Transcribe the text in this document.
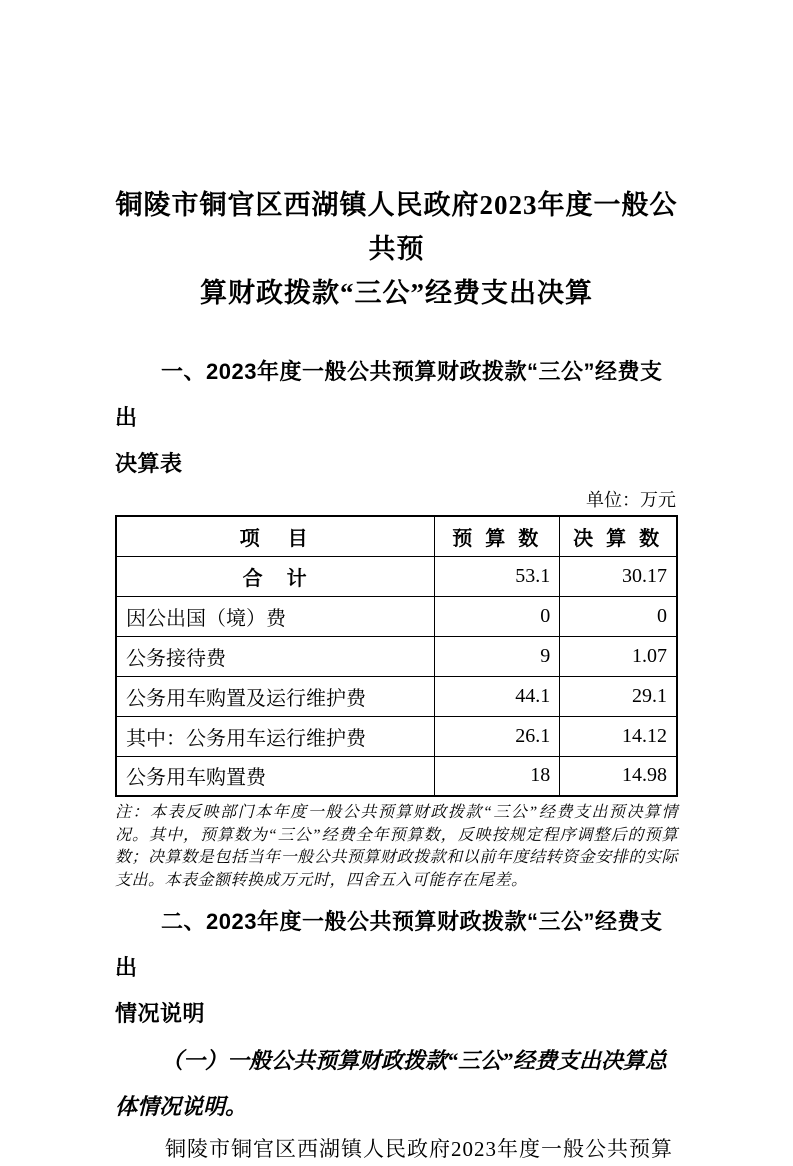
铜陵市铜官区西湖镇人民政府2023年度一般公共预
算财政拨款“三公”经费支出决算
一、2023年度一般公共预算财政拨款“三公”经费支出
决算表
单位：万元
项　目	预 算 数	决 算 数
合　计	53.1	30.17
因公出国（境）费	0	0
公务接待费	9	1.07
公务用车购置及运行维护费	44.1	29.1
其中：公务用车运行维护费	26.1	14.12
公务用车购置费	18	14.98
注：本表反映部门本年度一般公共预算财政拨款“三公”经费支出预决算情况。其中，预算数为“三公”经费全年预算数，反映按规定程序调整后的预算数；决算数是包括当年一般公共预算财政拨款和以前年度结转资金安排的实际支出。本表金额转换成万元时，四舍五入可能存在尾差。
二、2023年度一般公共预算财政拨款“三公”经费支出
情况说明
（一）一般公共预算财政拨款“三公”经费支出决算总
体情况说明。
铜陵市铜官区西湖镇人民政府2023年度一般公共预算
